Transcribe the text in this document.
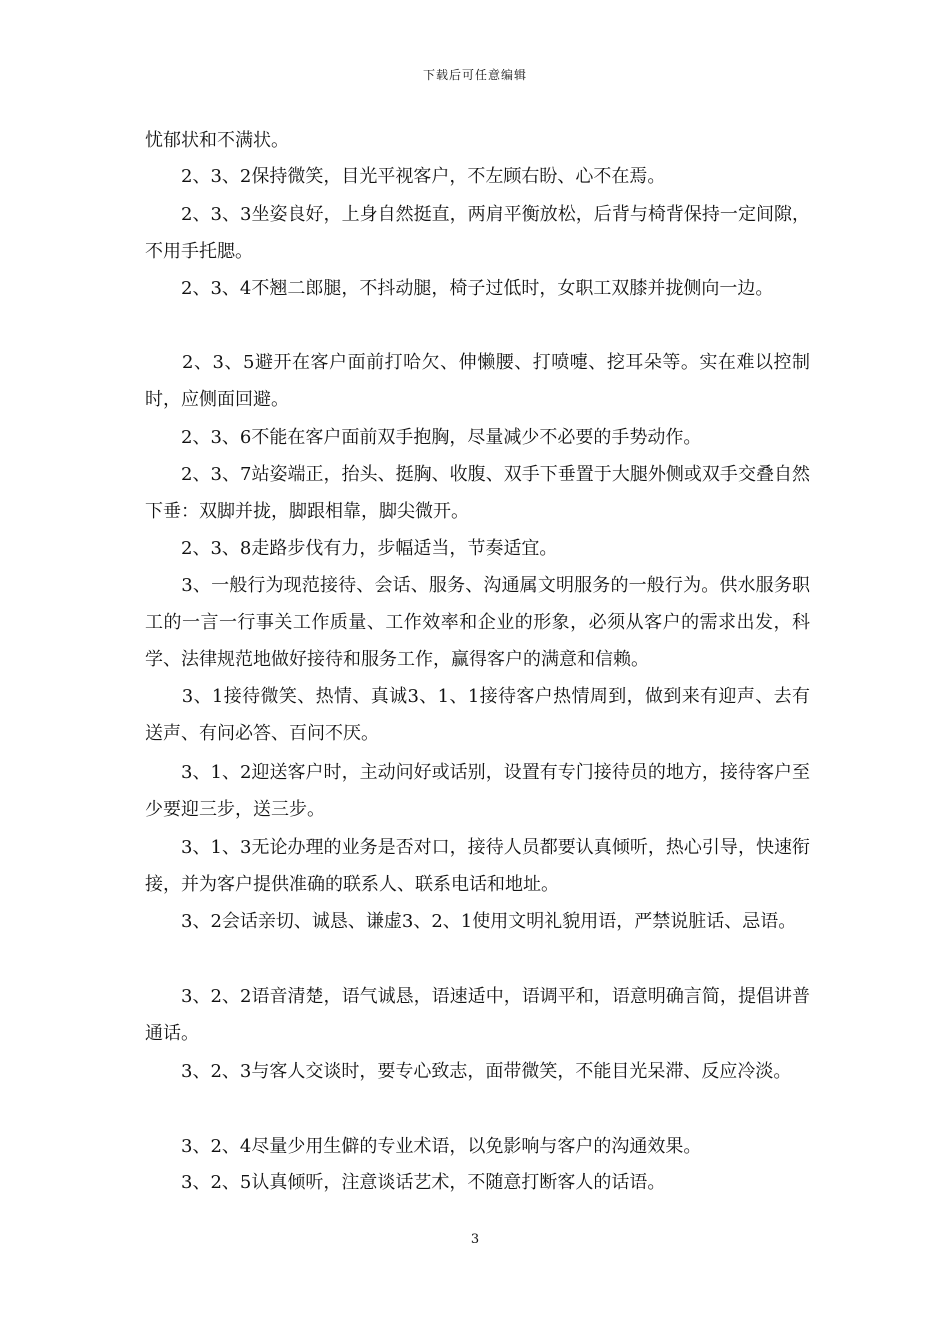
下载后可任意编辑

忧郁状和不满状。

　　2、3、2保持微笑，目光平视客户，不左顾右盼、心不在焉。

　　2、3、3坐姿良好，上身自然挺直，两肩平衡放松，后背与椅背保持一定间隙，不用手托腮。

　　2、3、4不翘二郎腿，不抖动腿，椅子过低时，女职工双膝并拢侧向一边。

　　2、3、5避开在客户面前打哈欠、伸懒腰、打喷嚏、挖耳朵等。实在难以控制时，应侧面回避。

　　2、3、6不能在客户面前双手抱胸，尽量减少不必要的手势动作。

　　2、3、7站姿端正，抬头、挺胸、收腹、双手下垂置于大腿外侧或双手交叠自然下垂：双脚并拢，脚跟相靠，脚尖微开。

　　2、3、8走路步伐有力，步幅适当，节奏适宜。

　　3、一般行为现范接待、会话、服务、沟通属文明服务的一般行为。供水服务职工的一言一行事关工作质量、工作效率和企业的形象，必须从客户的需求出发，科学、法律规范地做好接待和服务工作，赢得客户的满意和信赖。

　　3、1接待微笑、热情、真诚3、1、1接待客户热情周到，做到来有迎声、去有送声、有问必答、百问不厌。

　　3、1、2迎送客户时，主动问好或话别，设置有专门接待员的地方，接待客户至少要迎三步，送三步。

　　3、1、3无论办理的业务是否对口，接待人员都要认真倾听，热心引导，快速衔接，并为客户提供准确的联系人、联系电话和地址。

　　3、2会话亲切、诚恳、谦虚3、2、1使用文明礼貌用语，严禁说脏话、忌语。

　　3、2、2语音清楚，语气诚恳，语速适中，语调平和，语意明确言简，提倡讲普通话。

　　3、2、3与客人交谈时，要专心致志，面带微笑，不能目光呆滞、反应冷淡。

　　3、2、4尽量少用生僻的专业术语，以免影响与客户的沟通效果。

　　3、2、5认真倾听，注意谈话艺术，不随意打断客人的话语。

3
